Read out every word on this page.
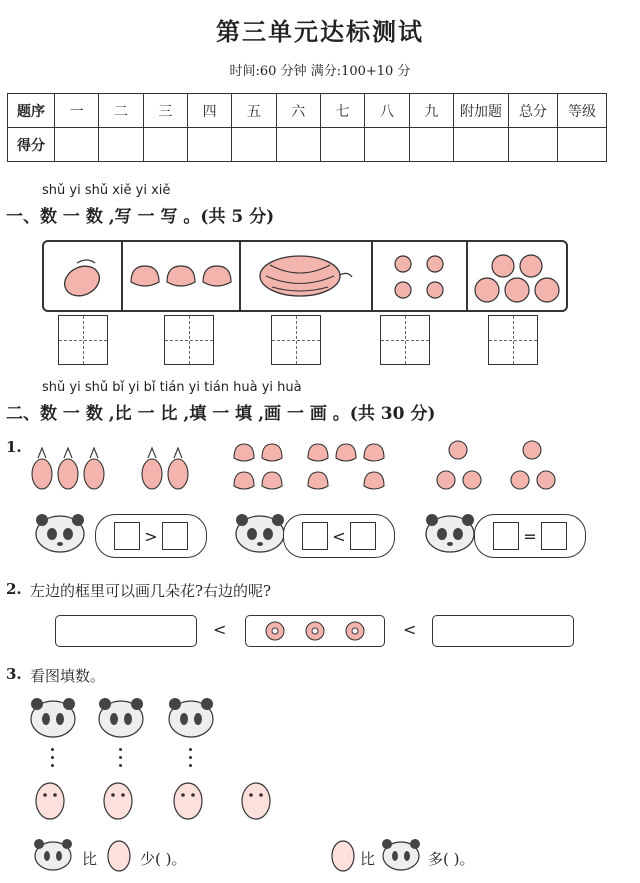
第三单元达标测试
时间:60 分钟 满分:100+10 分
题序	一	二	三	四	五	六	七	八	九	附加题	总分	等级
得分												
shǔ yi shǔ xiě yi xiě
一、数 一 数 ,写 一 写 。(共 5 分)
shǔ yi shǔ bǐ yi bǐ tián yi tián huà yi huà
二、数 一 数 ,比 一 比 ,填 一 填 ,画 一 画 。(共 30 分)
1.
>	<	=
2. 左边的框里可以画几朵花?右边的呢?
<	<
3. 看图填数。
比	少( )。	比	多( )。
